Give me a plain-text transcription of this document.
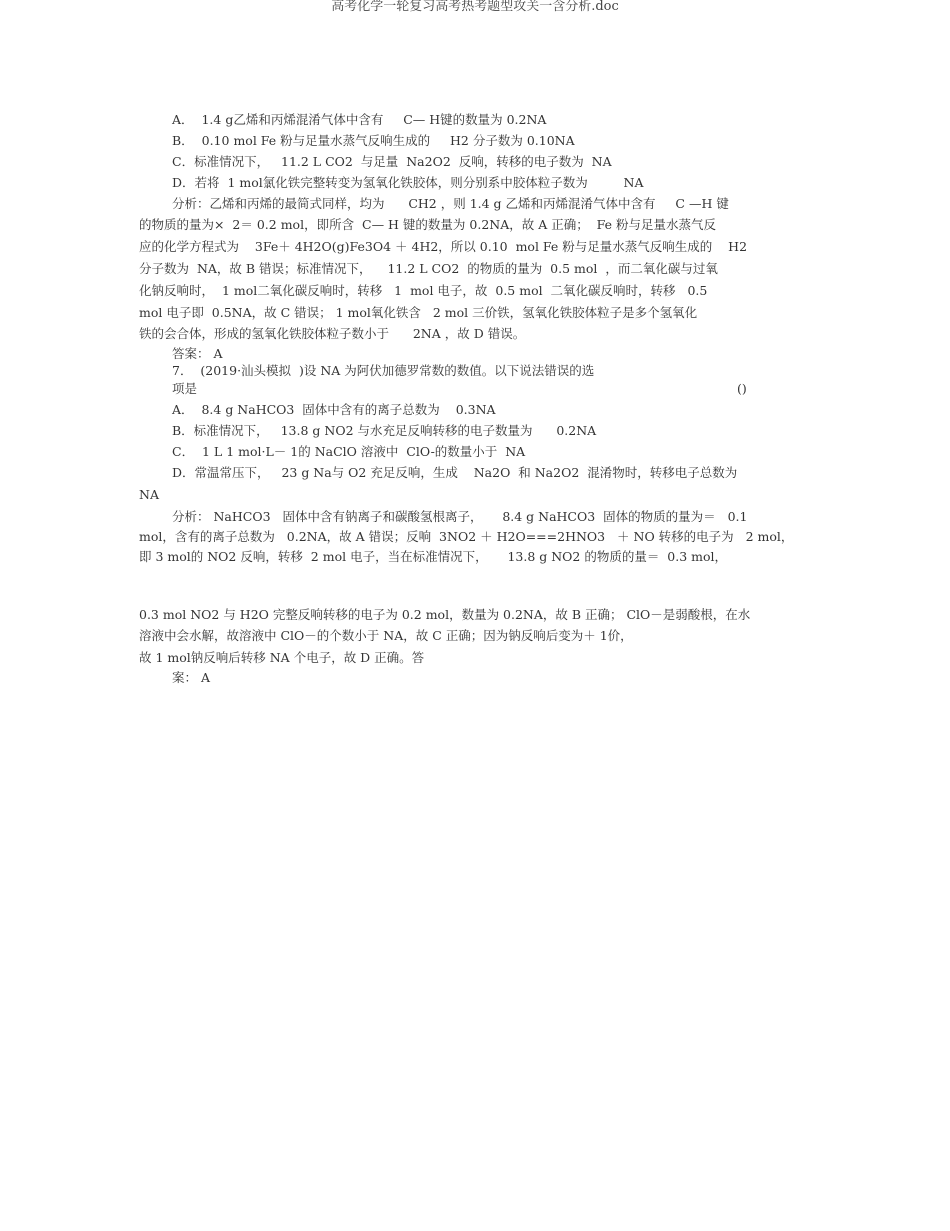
高考化学一轮复习高考热考题型攻关一含分析.doc
A．  1.4 g乙烯和丙烯混淆气体中含有     C— H键的数量为 0.2NA
B．  0.10 mol Fe 粉与足量水蒸气反响生成的     H2 分子数为 0.10NA
C．标准情况下，   11.2 L CO2  与足量  Na2O2  反响，转移的电子数为  NA
D．若将  1 mol氯化铁完整转变为氢氧化铁胶体，则分别系中胶体粒子数为         NA
分析：乙烯和丙烯的最简式同样，均为      CH2 ，则 1.4 g 乙烯和丙烯混淆气体中含有     C —H 键
的物质的量为×  2＝ 0.2 mol，即所含  C— H 键的数量为 0.2NA，故 A 正确；  Fe 粉与足量水蒸气反
应的化学方程式为    3Fe＋ 4H2O(g)Fe3O4 ＋ 4H2，所以 0.10  mol Fe 粉与足量水蒸气反响生成的    H2
分子数为  NA，故 B 错误；标准情况下，    11.2 L CO2  的物质的量为  0.5 mol  ，而二氧化碳与过氧
化钠反响时，  1 mol二氧化碳反响时，转移   1  mol 电子，故  0.5 mol  二氧化碳反响时，转移   0.5
mol 电子即  0.5NA，故 C 错误； 1 mol氧化铁含   2 mol 三价铁，氢氧化铁胶体粒子是多个氢氧化
铁的会合体，形成的氢氧化铁胶体粒子数小于      2NA ，故 D 错误。
答案： A
7．  (2019·汕头模拟  )设 NA 为阿伏加德罗常数的数值。以下说法错误的选
项是	()
A．  8.4 g NaHCO3  固体中含有的离子总数为    0.3NA
B．标准情况下，   13.8 g NO2 与水充足反响转移的电子数量为      0.2NA
C．  1 L 1 mol·L－ 1的 NaClO 溶液中  ClO-的数量小于  NA
D．常温常压下，   23 g Na与 O2 充足反响，生成    Na2O  和 Na2O2  混淆物时，转移电子总数为
NA
分析： NaHCO3   固体中含有钠离子和碳酸氢根离子，     8.4 g NaHCO3  固体的物质的量为＝   0.1
mol，含有的离子总数为   0.2NA，故 A 错误；反响  3NO2 ＋ H2O===2HNO3   ＋ NO 转移的电子为   2 mol，
即 3 mol的 NO2 反响，转移  2 mol 电子，当在标准情况下，     13.8 g NO2 的物质的量＝  0.3 mol，
0.3 mol NO2 与 H2O 完整反响转移的电子为 0.2 mol，数量为 0.2NA，故 B 正确； ClO－是弱酸根，在水
溶液中会水解，故溶液中 ClO－的个数小于 NA，故 C 正确；因为钠反响后变为＋ 1价，
故 1 mol钠反响后转移 NA 个电子，故 D 正确。答
案： A
